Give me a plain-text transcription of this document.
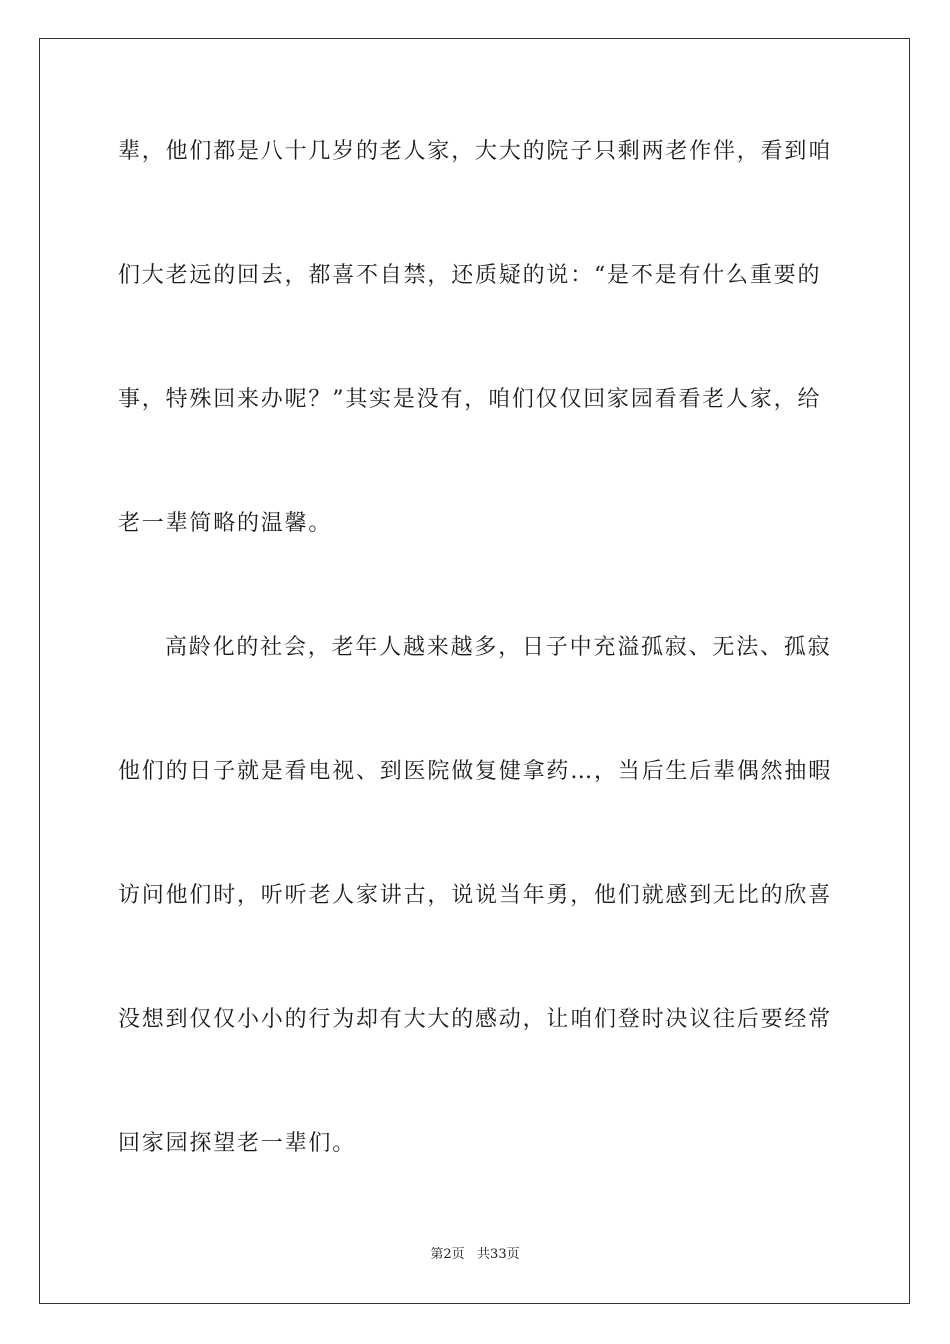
辈，他们都是八十几岁的老人家，大大的院子只剩两老作伴，看到咱
们大老远的回去，都喜不自禁，还质疑的说：“是不是有什么重要的
事，特殊回来办呢？”其实是没有，咱们仅仅回家园看看老人家，给
老一辈简略的温馨。
高龄化的社会，老年人越来越多，日子中充溢孤寂、无法、孤寂
他们的日子就是看电视、到医院做复健拿药…，当后生后辈偶然抽暇
访问他们时，听听老人家讲古，说说当年勇，他们就感到无比的欣喜
没想到仅仅小小的行为却有大大的感动，让咱们登时决议往后要经常
回家园探望老一辈们。
第2页   共33页
